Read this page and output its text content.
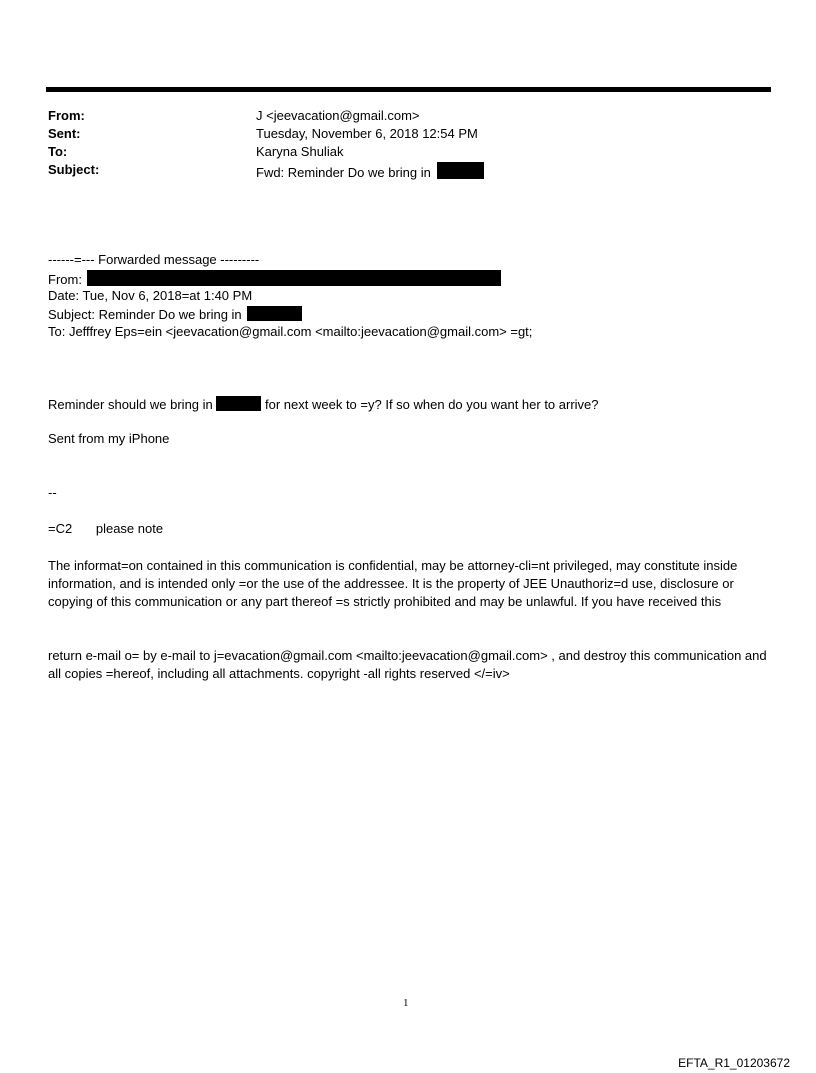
From:	J <jeevacation@gmail.com>
Sent:	Tuesday, November 6, 2018 12:54 PM
To:	Karyna Shuliak
Subject:	Fwd: Reminder Do we bring in
------=--- Forwarded message ---------
From:
Date: Tue, Nov 6, 2018=at 1:40 PM
Subject: Reminder Do we bring in
To: Jefffrey Eps=ein <jeevacation@gmail.com <mailto:jeevacation@gmail.com> =gt;
Reminder should we bring in	for next week to =y? If so when do you want her to arrive?
Sent from my iPhone
--
=C2 please note
The informat=on contained in this communication is confidential, may be attorney-cli=nt privileged, may constitute inside information, and is intended only =or the use of the addressee. It is the property of JEE Unauthoriz=d use, disclosure or copying of this communication or any part thereof =s strictly prohibited and may be unlawful. If you have received this
return e-mail o= by e-mail to j=evacation@gmail.com <mailto:jeevacation@gmail.com> , and destroy this communication and all copies =hereof, including all attachments. copyright -all rights reserved </=iv>
1
EFTA_R1_01203672
